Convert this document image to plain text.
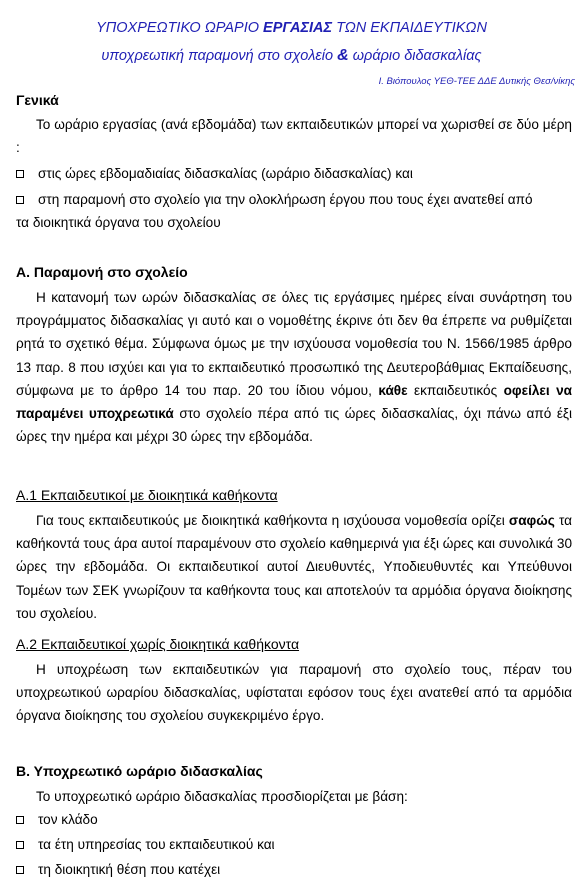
ΥΠΟΧΡΕΩΤΙΚΟ ΩΡΑΡΙΟ ΕΡΓΑΣΙΑΣ ΤΩΝ ΕΚΠΑΙΔΕΥΤΙΚΩΝ
υποχρεωτική παραμονή στο σχολείο & ωράριο διδασκαλίας
Ι. Βιόπουλος ΥΕΘ-ΤΕΕ ΔΔΕ Δυτικής Θεσ/νίκης
Γενικά

Το ωράριο εργασίας (ανά εβδομάδα) των εκπαιδευτικών μπορεί να χωρισθεί σε δύο μέρη :

στις ώρες εβδομαδιαίας διδασκαλίας (ωράριο διδασκαλίας) και
στη παραμονή στο σχολείο για την ολοκλήρωση έργου που τους έχει ανατεθεί από
τα διοικητικά όργανα του σχολείου
Α. Παραμονή στο σχολείο

Η κατανομή των ωρών διδασκαλίας σε όλες τις εργάσιμες ημέρες είναι συνάρτηση του προγράμματος διδασκαλίας γι αυτό και ο νομοθέτης έκρινε ότι δεν θα έπρεπε να ρυθμίζεται ρητά το σχετικό θέμα. Σύμφωνα όμως με την ισχύουσα νομοθεσία του Ν. 1566/1985 άρθρο 13 παρ. 8 που ισχύει και για το εκπαιδευτικό προσωπικό της Δευτεροβάθμιας Εκπαίδευσης, σύμφωνα με το άρθρο 14 του παρ. 20 του ίδιου νόμου, κάθε εκπαιδευτικός οφείλει να παραμένει υποχρεωτικά στο σχολείο πέρα από τις ώρες διδασκαλίας, όχι πάνω από έξι ώρες την ημέρα και μέχρι 30 ώρες την εβδομάδα.

Α.1 Εκπαιδευτικοί με διοικητικά καθήκοντα

Για τους εκπαιδευτικούς με διοικητικά καθήκοντα η ισχύουσα νομοθεσία ορίζει σαφώς τα καθήκοντά τους άρα αυτοί παραμένουν στο σχολείο καθημερινά για έξι ώρες και συνολικά 30 ώρες την εβδομάδα. Οι εκπαιδευτικοί αυτοί Διευθυντές, Υποδιευθυντές και Υπεύθυνοι Τομέων των ΣΕΚ γνωρίζουν τα καθήκοντα τους και αποτελούν τα αρμόδια όργανα διοίκησης του σχολείου.

Α.2 Εκπαιδευτικοί χωρίς διοικητικά καθήκοντα

Η υποχρέωση των εκπαιδευτικών για παραμονή στο σχολείο τους, πέραν του υποχρεωτικού ωραρίου διδασκαλίας, υφίσταται εφόσον τους έχει ανατεθεί από τα αρμόδια όργανα διοίκησης του σχολείου συγκεκριμένο έργο.

Β. Υποχρεωτικό ωράριο διδασκαλίας

Το υποχρεωτικό ωράριο διδασκαλίας προσδιορίζεται με βάση:

τον κλάδο
τα έτη υπηρεσίας του εκπαιδευτικού και
τη διοικητική θέση που κατέχει
